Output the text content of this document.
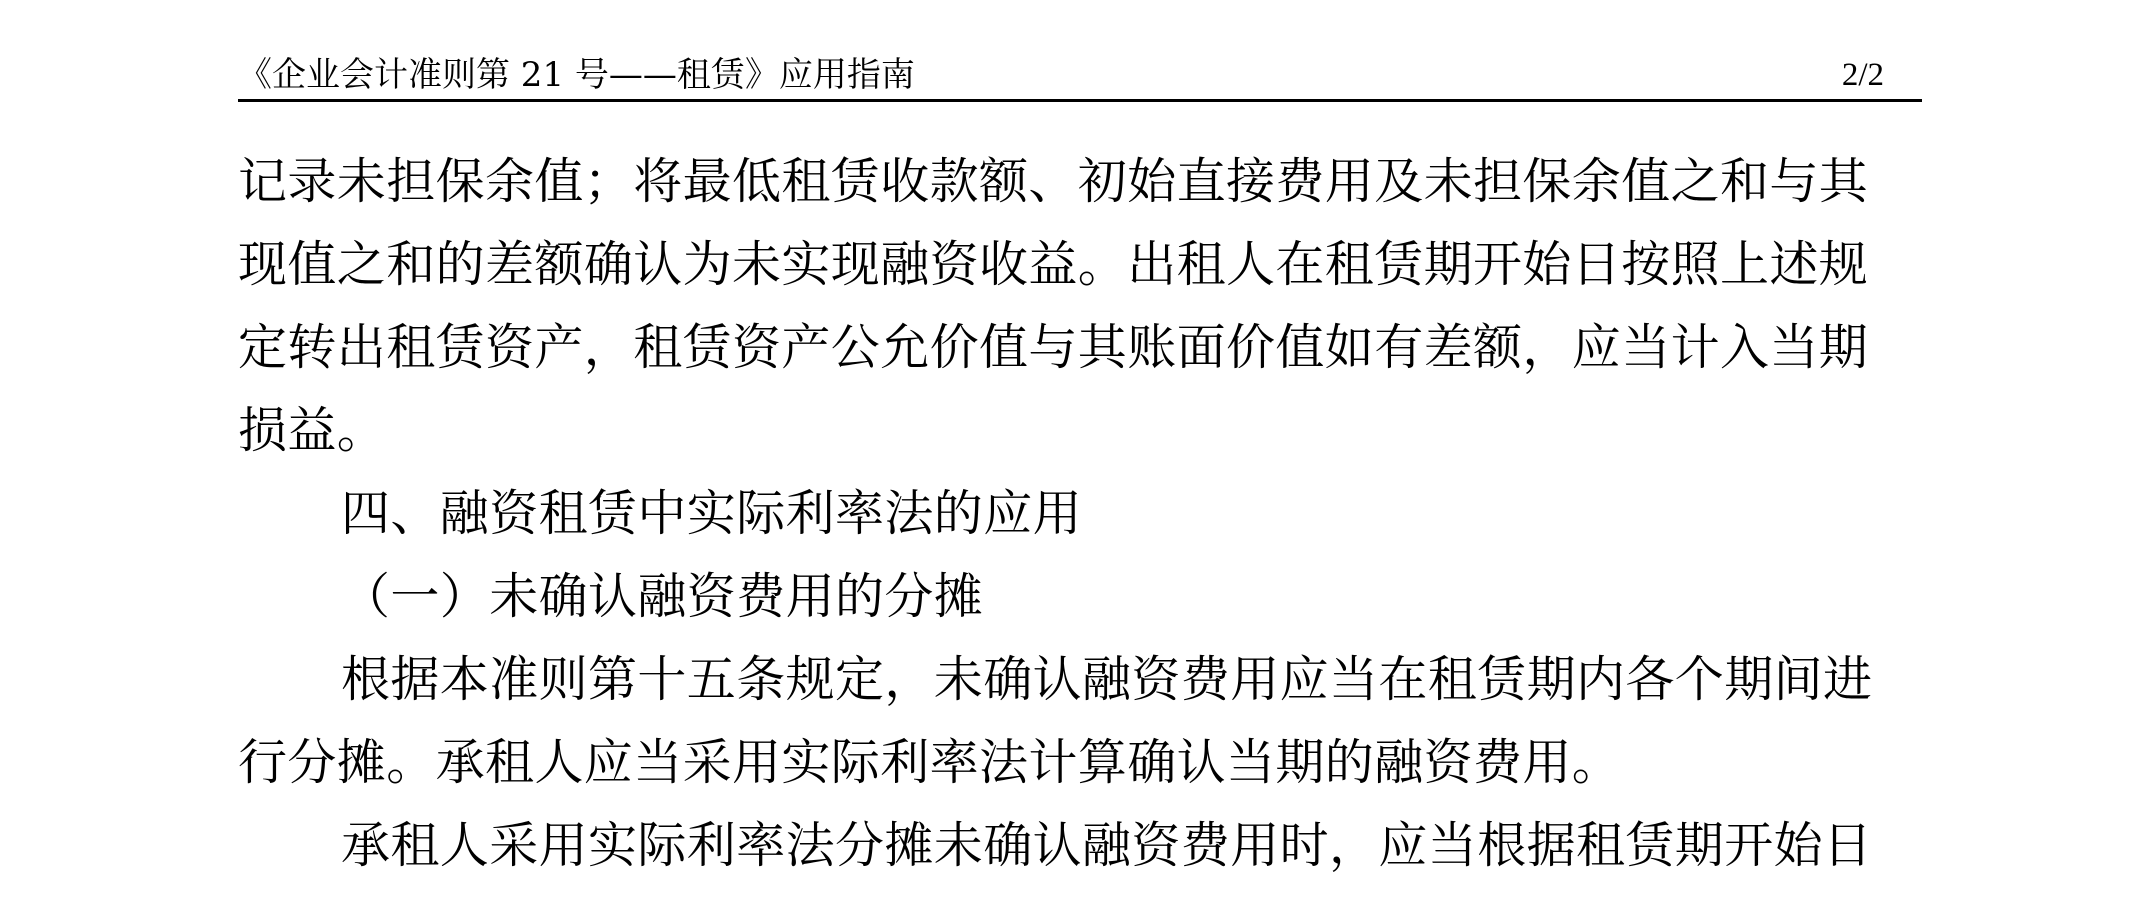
《企业会计准则第 21 号——租赁》应用指南	2/2
记录未担保余值；将最低租赁收款额、初始直接费用及未担保余值之和与其
现值之和的差额确认为未实现融资收益。出租人在租赁期开始日按照上述规
定转出租赁资产，租赁资产公允价值与其账面价值如有差额，应当计入当期
损益。
四、融资租赁中实际利率法的应用
（一）未确认融资费用的分摊
根据本准则第十五条规定，未确认融资费用应当在租赁期内各个期间进
行分摊。承租人应当采用实际利率法计算确认当期的融资费用。
承租人采用实际利率法分摊未确认融资费用时，应当根据租赁期开始日
